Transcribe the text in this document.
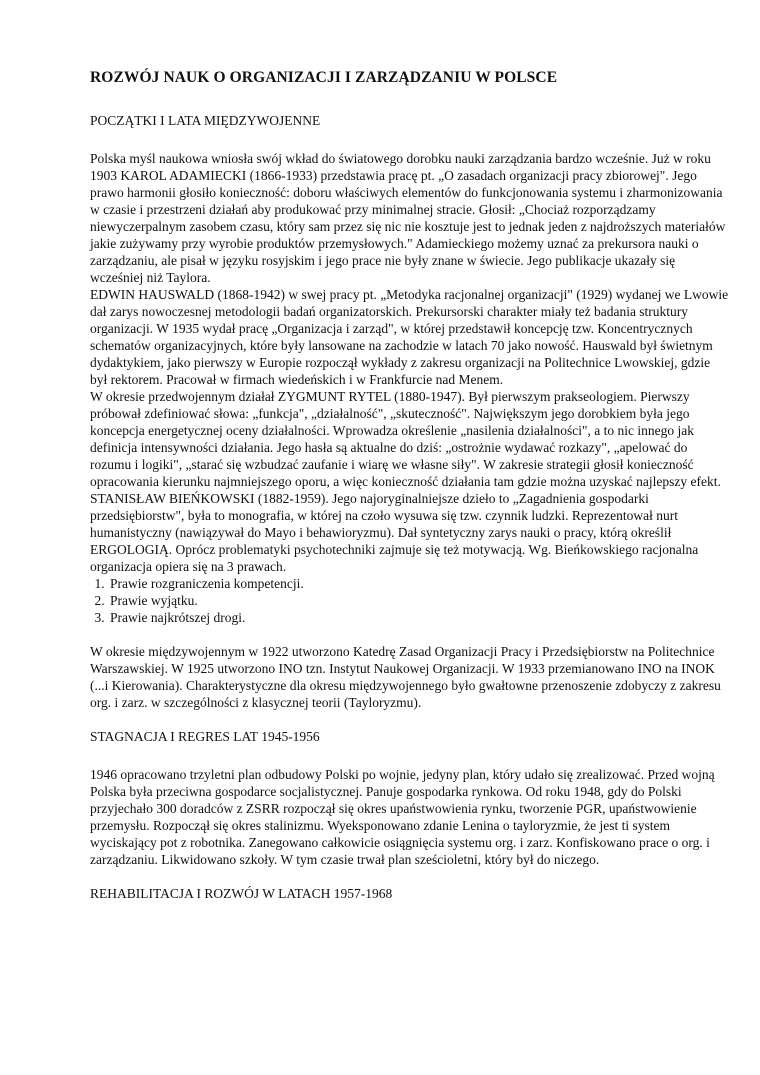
ROZWÓJ NAUK O ORGANIZACJI I ZARZĄDZANIU W POLSCE
POCZĄTKI I LATA MIĘDZYWOJENNE

Polska myśl naukowa wniosła swój wkład do światowego dorobku nauki zarządzania bardzo wcześnie. Już w roku 1903 KAROL ADAMIECKI (1866-1933) przedstawia pracę pt. „O zasadach organizacji pracy zbiorowej". Jego prawo harmonii głosiło konieczność: doboru właściwych elementów do funkcjonowania systemu i zharmonizowania w czasie i przestrzeni działań aby produkować przy minimalnej stracie. Głosił: „Chociaż rozporządzamy niewyczerpalnym zasobem czasu, który sam przez się nic nie kosztuje jest to jednak jeden z najdroższych materiałów jakie zużywamy przy wyrobie produktów przemysłowych." Adamieckiego możemy uznać za prekursora nauki o zarządzaniu, ale pisał w języku rosyjskim i jego prace nie były znane w świecie. Jego publikacje ukazały się wcześniej niż Taylora.

EDWIN HAUSWALD (1868-1942) w swej pracy pt. „Metodyka racjonalnej organizacji" (1929) wydanej we Lwowie dał zarys nowoczesnej metodologii badań organizatorskich. Prekursorski charakter miały też badania struktury organizacji. W 1935 wydał pracę „Organizacja i zarząd", w której przedstawił koncepcję tzw. Koncentrycznych schematów organizacyjnych, które były lansowane na zachodzie w latach 70 jako nowość. Hauswald był świetnym dydaktykiem, jako pierwszy w Europie rozpoczął wykłady z zakresu organizacji na Politechnice Lwowskiej, gdzie był rektorem. Pracował w firmach wiedeńskich i w Frankfurcie nad Menem.

W okresie przedwojennym działał ZYGMUNT RYTEL (1880-1947). Był pierwszym prakseologiem. Pierwszy próbował zdefiniować słowa: „funkcja", „działalność", „skuteczność". Największym jego dorobkiem była jego koncepcja energetycznej oceny działalności. Wprowadza określenie „nasilenia działalności", a to nic innego jak definicja intensywności działania. Jego hasła są aktualne do dziś: „ostrożnie wydawać rozkazy", „apelować do rozumu i logiki", „starać się wzbudzać zaufanie i wiarę we własne siły". W zakresie strategii głosił konieczność opracowania kierunku najmniejszego oporu, a więc konieczność działania tam gdzie można uzyskać najlepszy efekt.

STANISŁAW BIEŃKOWSKI (1882-1959). Jego najoryginalniejsze dzieło to „Zagadnienia gospodarki przedsiębiorstw", była to monografia, w której na czoło wysuwa się tzw. czynnik ludzki. Reprezentował nurt humanistyczny (nawiązywał do Mayo i behawioryzmu). Dał syntetyczny zarys nauki o pracy, którą określił ERGOLOGIĄ. Oprócz problematyki psychotechniki zajmuje się też motywacją. Wg. Bieńkowskiego racjonalna organizacja opiera się na 3 prawach.

1. Prawie rozgraniczenia kompetencji.
2. Prawie wyjątku.
3. Prawie najkrótszej drogi.

W okresie międzywojennym w 1922 utworzono Katedrę Zasad Organizacji Pracy i Przedsiębiorstw na Politechnice Warszawskiej. W 1925 utworzono INO tzn. Instytut Naukowej Organizacji. W 1933 przemianowano INO na INOK (...i Kierowania). Charakterystyczne dla okresu międzywojennego było gwałtowne przenoszenie zdobyczy z zakresu org. i zarz. w szczególności z klasycznej teorii (Tayloryzmu).

STAGNACJA I REGRES LAT 1945-1956

1946 opracowano trzyletni plan odbudowy Polski po wojnie, jedyny plan, który udało się zrealizować. Przed wojną Polska była przeciwna gospodarce socjalistycznej. Panuje gospodarka rynkowa. Od roku 1948, gdy do Polski przyjechało 300 doradców z ZSRR rozpoczął się okres upaństwowienia rynku, tworzenie PGR, upaństwowienie przemysłu. Rozpoczął się okres stalinizmu. Wyeksponowano zdanie Lenina o tayloryzmie, że jest ti system wyciskający pot z robotnika. Zanegowano całkowicie osiągnięcia systemu org. i zarz. Konfiskowano prace o org. i zarządzaniu. Likwidowano szkoły. W tym czasie trwał plan sześcioletni, który był do niczego.

REHABILITACJA I ROZWÓJ W LATACH 1957-1968
